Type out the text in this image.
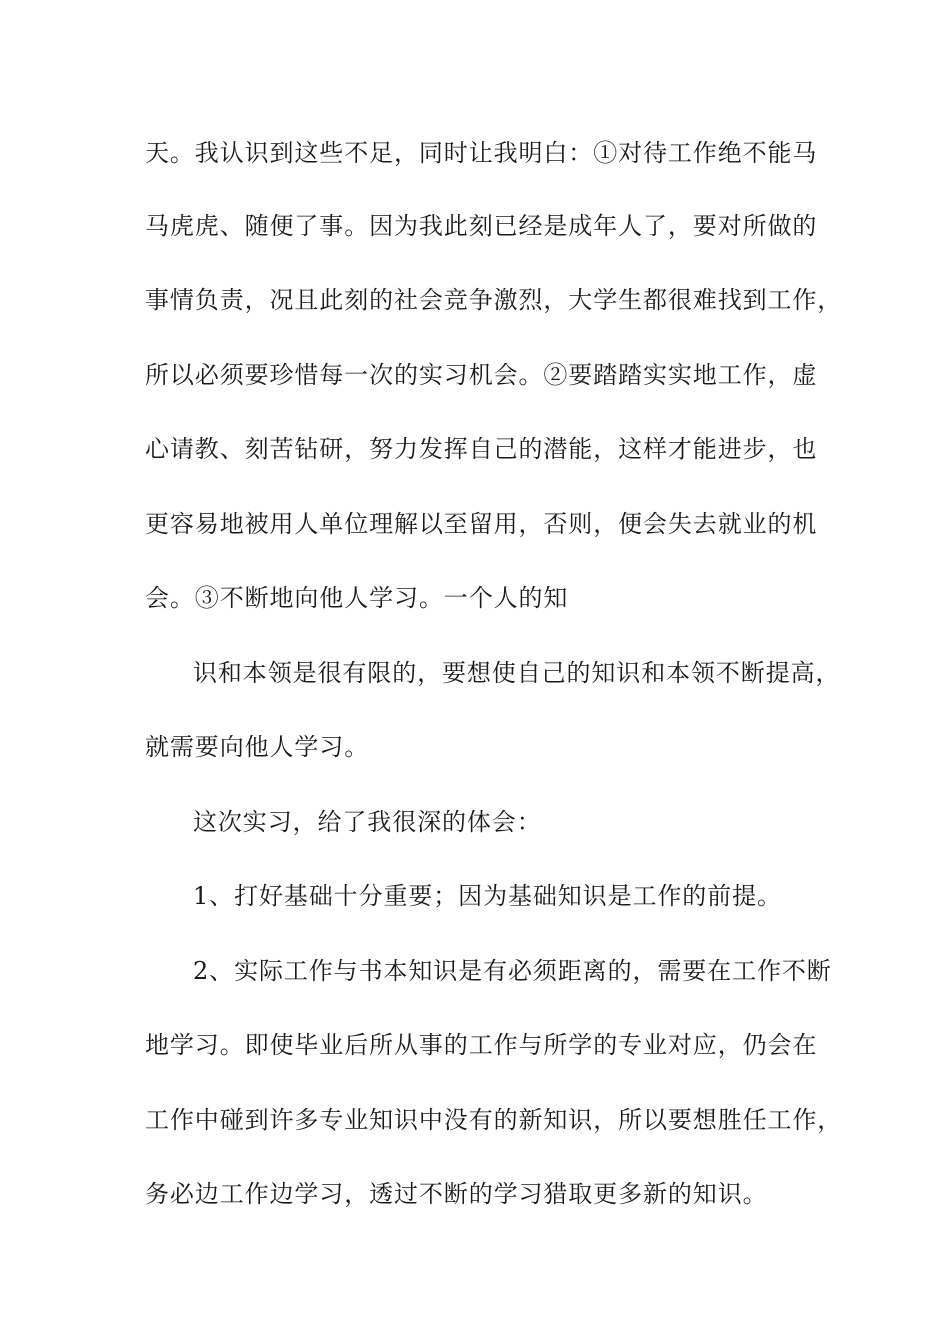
天。我认识到这些不足，同时让我明白：①对待工作绝不能马
马虎虎、随便了事。因为我此刻已经是成年人了，要对所做的
事情负责，况且此刻的社会竞争激烈，大学生都很难找到工作，
所以必须要珍惜每一次的实习机会。②要踏踏实实地工作，虚
心请教、刻苦钻研，努力发挥自己的潜能，这样才能进步，也
更容易地被用人单位理解以至留用，否则，便会失去就业的机
会。③不断地向他人学习。一个人的知
识和本领是很有限的，要想使自己的知识和本领不断提高，
就需要向他人学习。
这次实习，给了我很深的体会：
1、打好基础十分重要；因为基础知识是工作的前提。
2、实际工作与书本知识是有必须距离的，需要在工作不断
地学习。即使毕业后所从事的工作与所学的专业对应，仍会在
工作中碰到许多专业知识中没有的新知识，所以要想胜任工作，
务必边工作边学习，透过不断的学习猎取更多新的知识。
